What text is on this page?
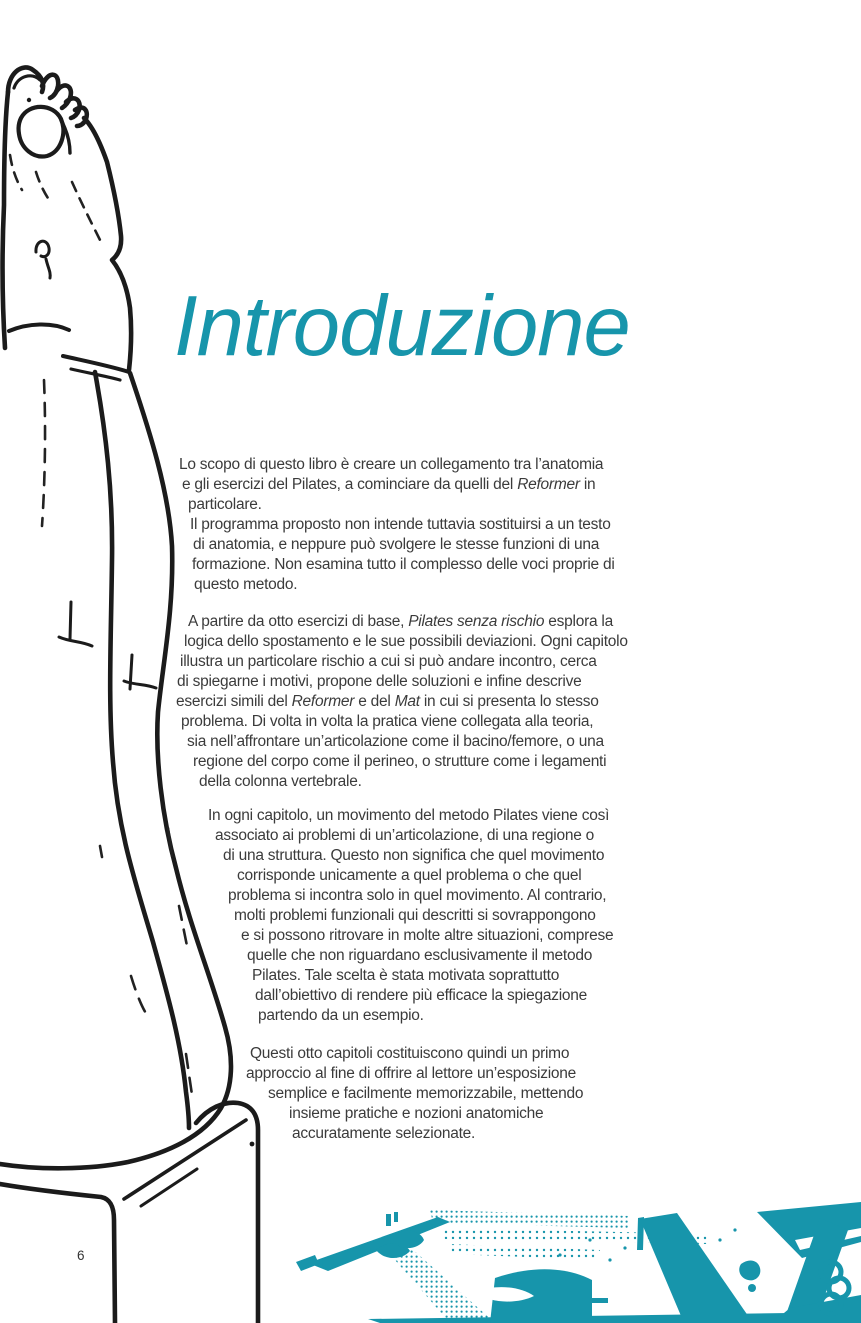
Introduzione
Lo scopo di questo libro è creare un collegamento tra l’anatomia
e gli esercizi del Pilates, a cominciare da quelli del Reformer in
particolare.
Il programma proposto non intende tuttavia sostituirsi a un testo
di anatomia, e neppure può svolgere le stesse funzioni di una
formazione. Non esamina tutto il complesso delle voci proprie di
questo metodo.
A partire da otto esercizi di base, Pilates senza rischio esplora la
logica dello spostamento e le sue possibili deviazioni. Ogni capitolo
illustra un particolare rischio a cui si può andare incontro, cerca
di spiegarne i motivi, propone delle soluzioni e infine descrive
esercizi simili del Reformer e del Mat in cui si presenta lo stesso
problema. Di volta in volta la pratica viene collegata alla teoria,
sia nell’affrontare un’articolazione come il bacino/femore, o una
regione del corpo come il perineo, o strutture come i legamenti
della colonna vertebrale.
In ogni capitolo, un movimento del metodo Pilates viene così
associato ai problemi di un’articolazione, di una regione o
di una struttura. Questo non significa che quel movimento
corrisponde unicamente a quel problema o che quel
problema si incontra solo in quel movimento. Al contrario,
molti problemi funzionali qui descritti si sovrappongono
e si possono ritrovare in molte altre situazioni, comprese
quelle che non riguardano esclusivamente il metodo
Pilates. Tale scelta è stata motivata soprattutto
dall’obiettivo di rendere più efficace la spiegazione
partendo da un esempio.
Questi otto capitoli costituiscono quindi un primo
approccio al fine di offrire al lettore un’esposizione
semplice e facilmente memorizzabile, mettendo
insieme pratiche e nozioni anatomiche
accuratamente selezionate.
6
